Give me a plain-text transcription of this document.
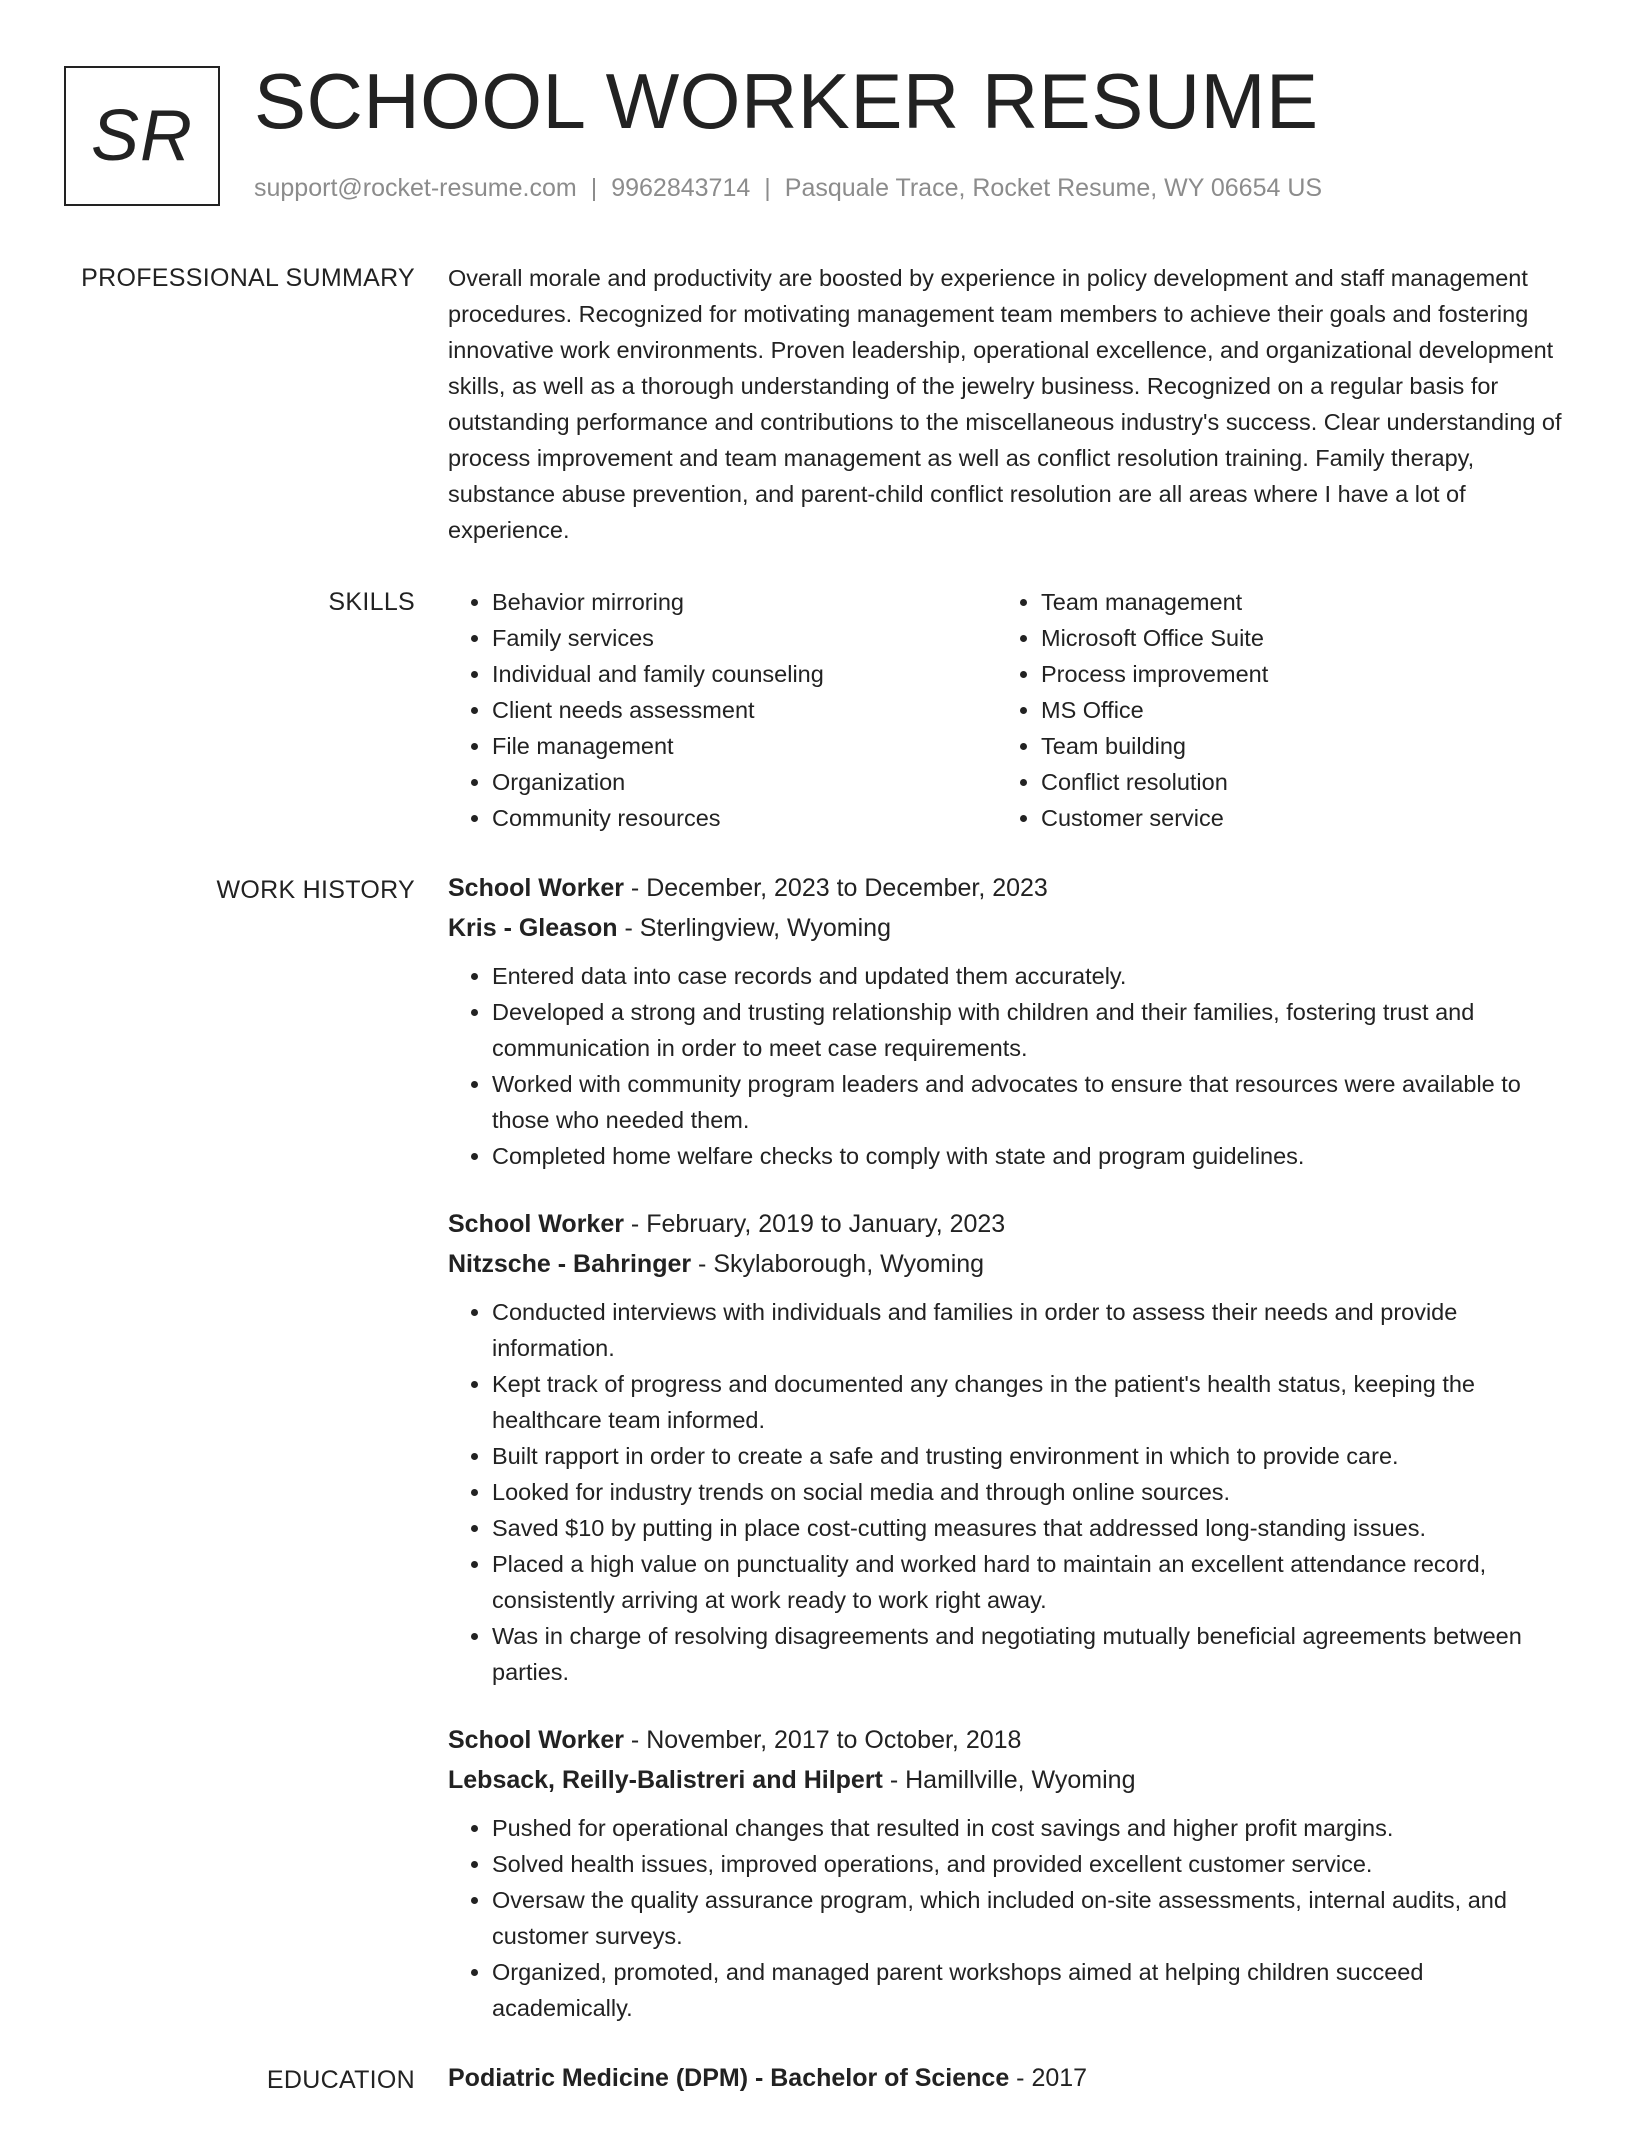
SR SCHOOL WORKER RESUME
support@rocket-resume.com | 9962843714 | Pasquale Trace, Rocket Resume, WY 06654 US
PROFESSIONAL SUMMARY Overall morale and productivity are boosted by experience in policy development and staff management procedures. Recognized for motivating management team members to achieve their goals and fostering innovative work environments. Proven leadership, operational excellence, and organizational development skills, as well as a thorough understanding of the jewelry business. Recognized on a regular basis for outstanding performance and contributions to the miscellaneous industry's success. Clear understanding of process improvement and team management as well as conflict resolution training. Family therapy, substance abuse prevention, and parent-child conflict resolution are all areas where I have a lot of experience.

SKILLS
•	Behavior mirroring
• Family services
• Individual and family counseling
• Client needs assessment
• File management
• Organization
• Community resources
• Team management
• Microsoft Office Suite
• Process improvement
• MS Office
• Team building
• Conflict resolution
• Customer service
WORK HISTORY School Worker - December, 2023 to December, 2023
Kris - Gleason - Sterlingview, Wyoming
• Entered data into case records and updated them accurately.
• Developed a strong and trusting relationship with children and their families, fostering trust and communication in order to meet case requirements.
• Worked with community program leaders and advocates to ensure that resources were available to those who needed them.
• Completed home welfare checks to comply with state and program guidelines.
School Worker - February, 2019 to January, 2023
Nitzsche - Bahringer - Skylaborough, Wyoming
• Conducted interviews with individuals and families in order to assess their needs and provide information.
• Kept track of progress and documented any changes in the patient's health status, keeping the healthcare team informed.
• Built rapport in order to create a safe and trusting environment in which to provide care.
• Looked for industry trends on social media and through online sources.
• Saved $10 by putting in place cost-cutting measures that addressed long-standing issues.
• Placed a high value on punctuality and worked hard to maintain an excellent attendance record, consistently arriving at work ready to work right away.
• Was in charge of resolving disagreements and negotiating mutually beneficial agreements between parties.
School Worker - November, 2017 to October, 2018
Lebsack, Reilly-Balistreri and Hilpert - Hamillville, Wyoming
• Pushed for operational changes that resulted in cost savings and higher profit margins.
• Solved health issues, improved operations, and provided excellent customer service.
• Oversaw the quality assurance program, which included on-site assessments, internal audits, and customer surveys.
• Organized, promoted, and managed parent workshops aimed at helping children succeed academically.
EDUCATION Podiatric Medicine (DPM) - Bachelor of Science - 2017
